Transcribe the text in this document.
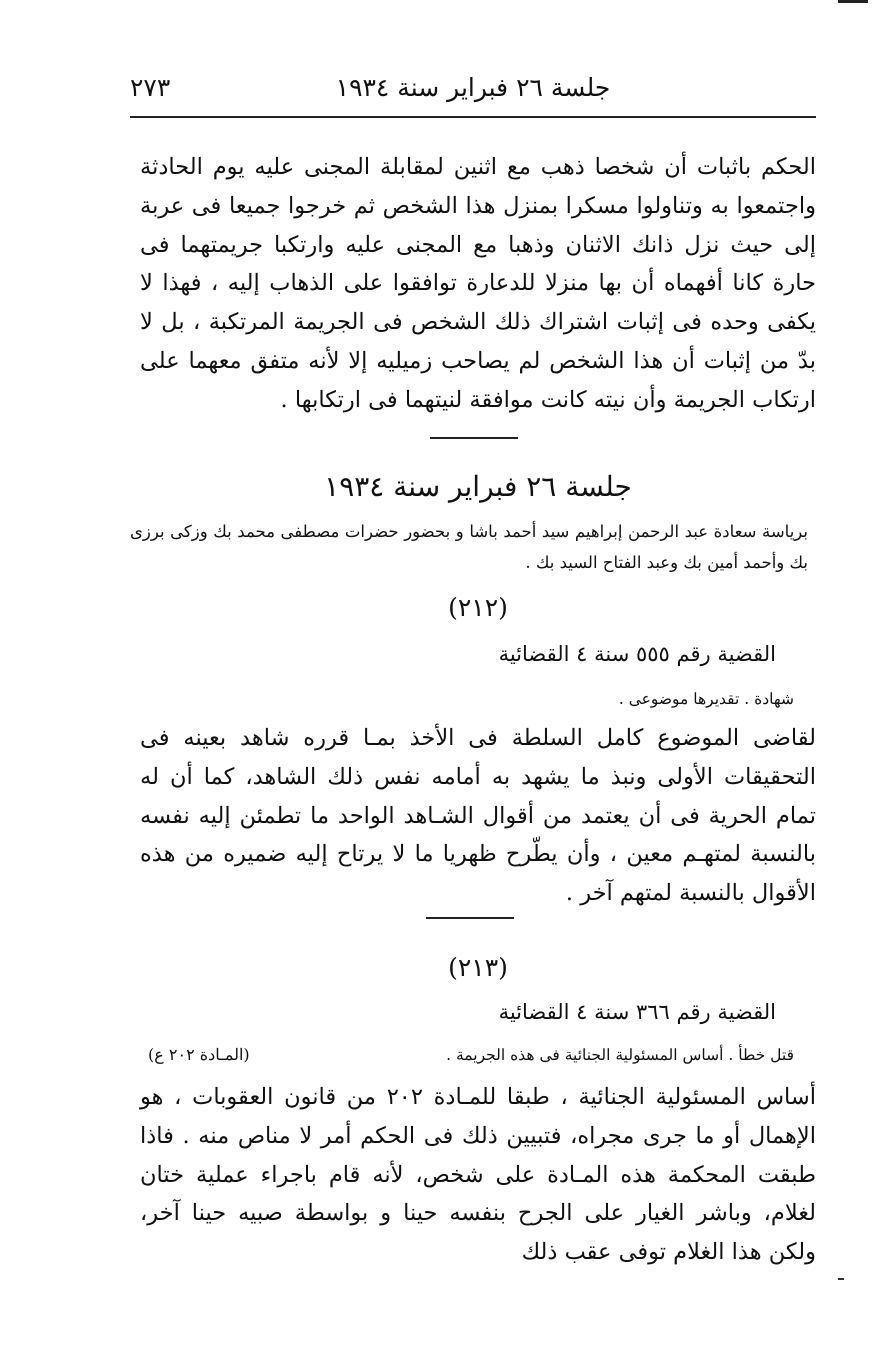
جلسة ٢٦ فبراير سنة ١٩٣٤
٢٧٣
الحكم باثبات أن شخصا ذهب مع اثنين لمقابلة المجنى عليه يوم الحادثة واجتمعوا به وتناولوا مسكرا بمنزل هذا الشخص ثم خرجوا جميعا فى عربة إلى حيث نزل ذانك الاثنان وذهبا مع المجنى عليه وارتكبا جريمتهما فى حارة كانا أفهماه أن بها منزلا للدعارة توافقوا على الذهاب إليه ، فهذا لا يكفى وحده فى إثبات اشتراك ذلك الشخص فى الجريمة المرتكبة ، بل لا بدّ من إثبات أن هذا الشخص لم يصاحب زميليه إلا لأنه متفق معهما على ارتكاب الجريمة وأن نيته كانت موافقة لنيتهما فى ارتكابها .
جلسة ٢٦ فبراير سنة ١٩٣٤
برياسة سعادة عبد الرحمن إبراهيم سيد أحمد باشا و بحضور حضرات مصطفى محمد بك وزكى برزى بك وأحمد أمين بك وعبد الفتاح السيد بك .
(٢١٢)
القضية رقم ٥٥٥ سنة ٤ القضائية
شهادة . تقديرها موضوعى .
لقاضى الموضوع كامل السلطة فى الأخذ بمـا قرره شاهد بعينه فى التحقيقات الأولى ونبذ ما يشهد به أمامه نفس ذلك الشاهد، كما أن له تمام الحرية فى أن يعتمد من أقوال الشـاهد الواحد ما تطمئن إليه نفسه بالنسبة لمتهـم معين ، وأن يطّرح ظهريا ما لا يرتاح إليه ضميره من هذه الأقوال بالنسبة لمتهم آخر .
(٢١٣)
القضية رقم ٣٦٦ سنة ٤ القضائية
قتل خطأ . أساس المسئولية الجنائية فى هذه الجريمة .
(المـادة ٢٠٢ ع)
أساس المسئولية الجنائية ، طبقا للمـادة ٢٠٢ من قانون العقوبات ، هو الإهمال أو ما جرى مجراه، فتبيين ذلك فى الحكم أمر لا مناص منه . فاذا طبقت المحكمة هذه المـادة على شخص، لأنه قام باجراء عملية ختان لغلام، وباشر الغيار على الجرح بنفسه حينا و بواسطة صبيه حينا آخر، ولكن هذا الغلام توفى عقب ذلك
